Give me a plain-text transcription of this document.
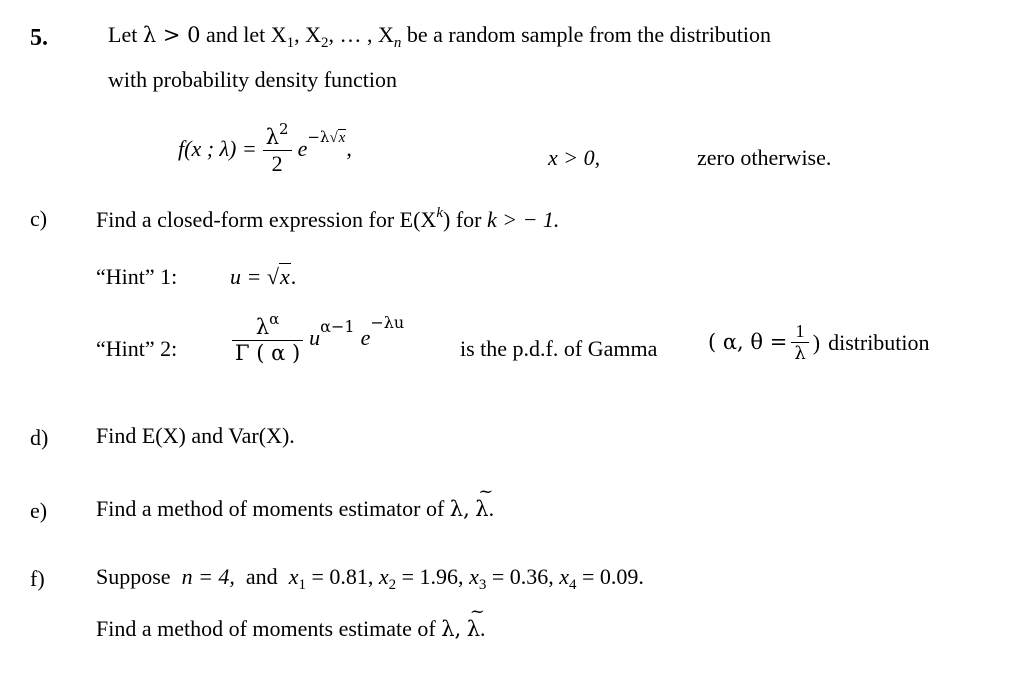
5.	Let λ > 0 and let $X_1$, $X_2$, … , $X_n$ be a random sample from the distribution
with probability density function
f(x ; $\lambda) = \frac{\lambda^2}{2}$ e −λ√x ,	x > 0,	zero otherwise.
c) Find a closed-form expression for $E(X^k)$ for k > − 1.
“Hint” 1: u = √x.
“Hint” 2:	$\frac{\lambda^\alpha}{\Gamma ( \alpha )}$ u α−1 e
−λu
is the p.d.f. of Gamma ( α, $\theta = \frac{1}{\lambda}$ ) distribution
d) Find E(X) and Var(X).
e) Find a method of moments estimator of λ, ~ λ.
f) Suppose n = 4, and $x_1 = 0.81$, $x_2 = 1.96$, $x_3 = 0.36$, $x_4 = 0.09$.
Find a method of moments estimate of λ, ~ λ.
